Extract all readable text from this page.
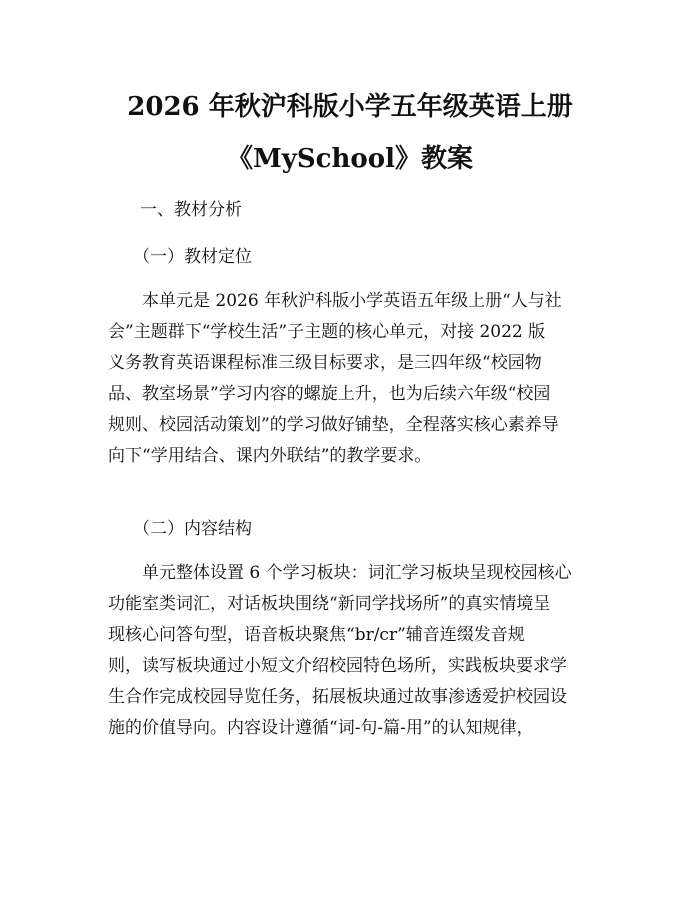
2026 年秋沪科版小学五年级英语上册
《MySchool》教案
一、教材分析
（一）教材定位
本单元是 2026 年秋沪科版小学英语五年级上册“人与社
会”主题群下“学校生活”子主题的核心单元，对接 2022 版
义务教育英语课程标准三级目标要求，是三四年级“校园物
品、教室场景”学习内容的螺旋上升，也为后续六年级“校园
规则、校园活动策划”的学习做好铺垫，全程落实核心素养导
向下“学用结合、课内外联结”的教学要求。
（二）内容结构
单元整体设置 6 个学习板块：词汇学习板块呈现校园核心
功能室类词汇，对话板块围绕“新同学找场所”的真实情境呈
现核心问答句型，语音板块聚焦“br/cr”辅音连缀发音规
则，读写板块通过小短文介绍校园特色场所，实践板块要求学
生合作完成校园导览任务，拓展板块通过故事渗透爱护校园设
施的价值导向。内容设计遵循“词-句-篇-用”的认知规律，
